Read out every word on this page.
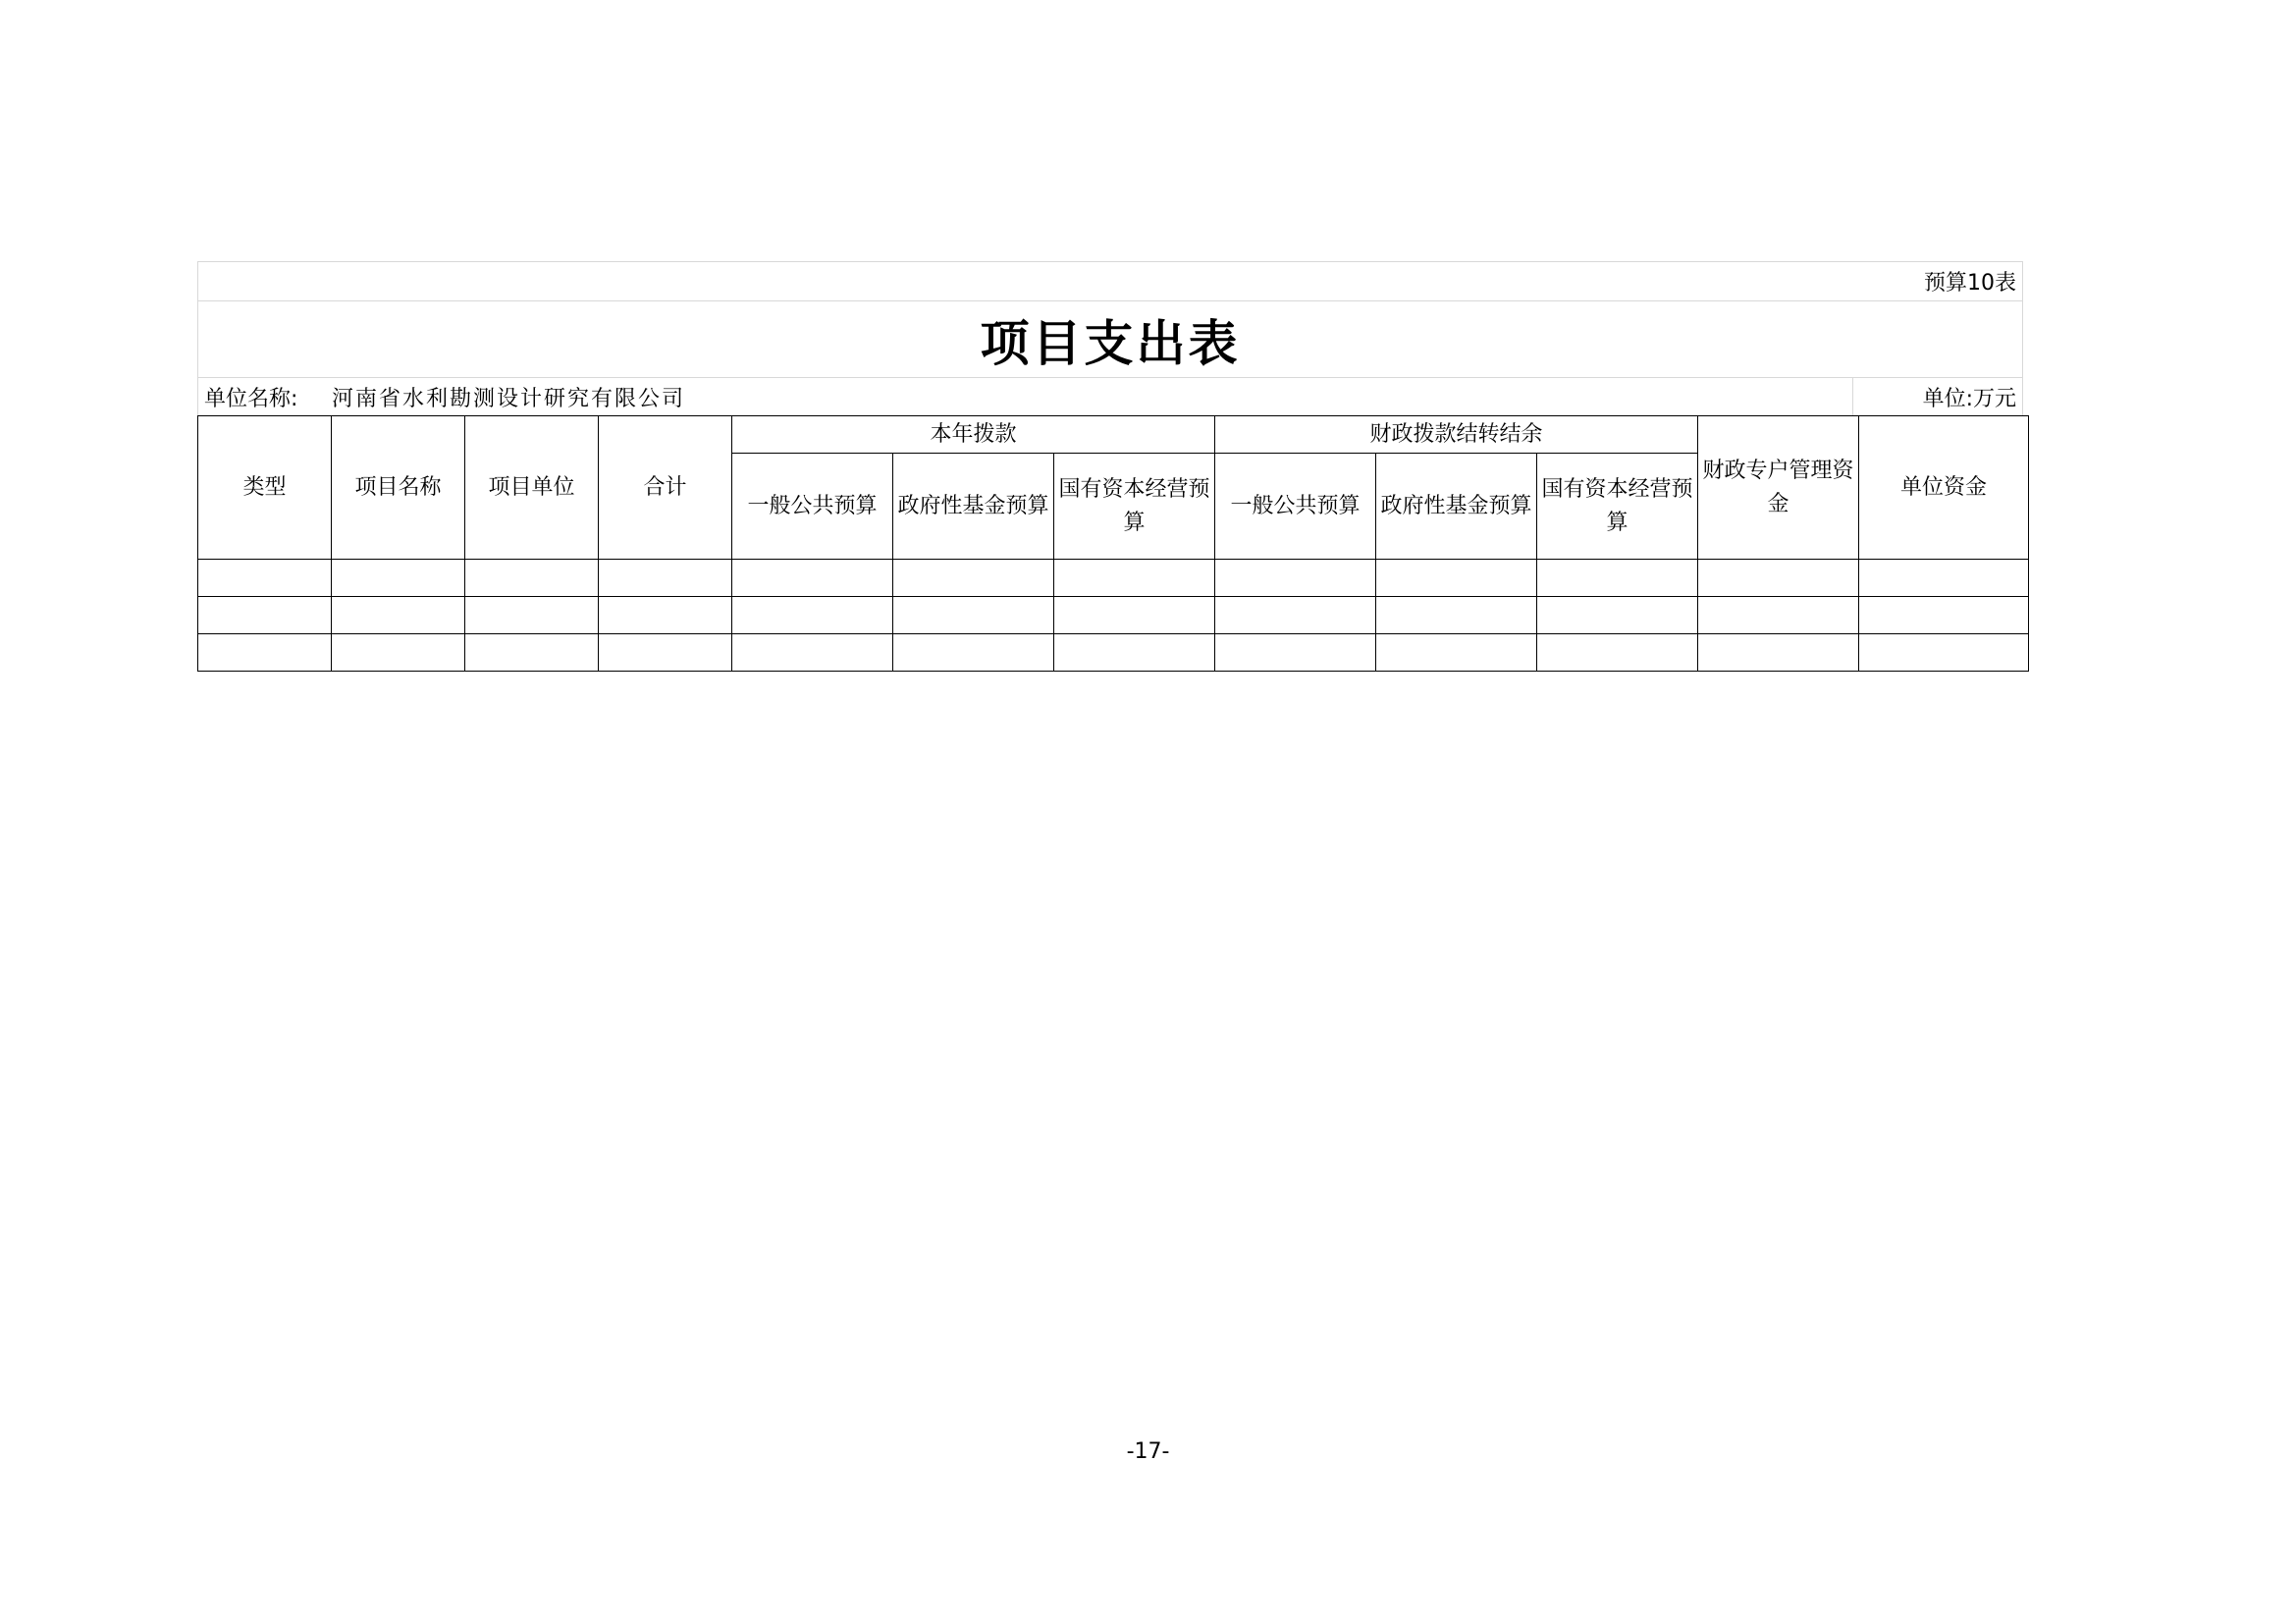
预算10表
项目支出表
单位名称:	河南省水利勘测设计研究有限公司	单位:万元
类型	项目名称	项目单位	合计	本年拨款			财政拨款结转结余			财政专户管理资金	单位资金
				一般公共预算	政府性基金预算	国有资本经营预算	一般公共预算	政府性基金预算	国有资本经营预算		

-17-
